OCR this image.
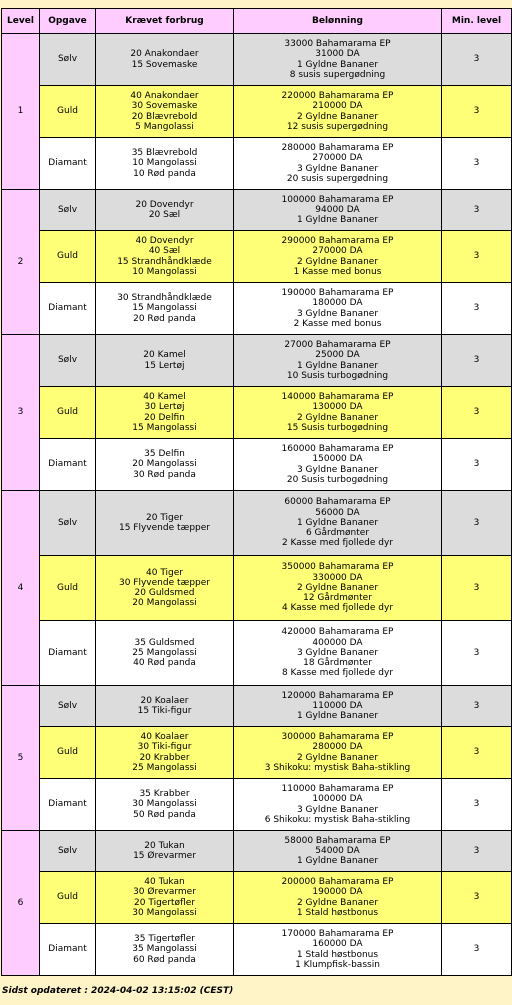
Level	Opgave	Krævet forbrug	Belønning	Min. level
1	Sølv	20 Anakondaer
15 Sovemaske	33000 Bahamarama EP
31000 DA
1 Gyldne Bananer
8 susis supergødning	3
	Guld	40 Anakondaer
30 Sovemaske
20 Blævrebold
5 Mangolassi	220000 Bahamarama EP
210000 DA
2 Gyldne Bananer
12 susis supergødning	3
	Diamant	35 Blævrebold
10 Mangolassi
10 Rød panda	280000 Bahamarama EP
270000 DA
3 Gyldne Bananer
20 susis supergødning	3
2	Sølv	20 Dovendyr
20 Sæl	100000 Bahamarama EP
94000 DA
1 Gyldne Bananer	3
	Guld	40 Dovendyr
40 Sæl
15 Strandhåndklæde
10 Mangolassi	290000 Bahamarama EP
270000 DA
2 Gyldne Bananer
1 Kasse med bonus	3
	Diamant	30 Strandhåndklæde
15 Mangolassi
20 Rød panda	190000 Bahamarama EP
180000 DA
3 Gyldne Bananer
2 Kasse med bonus	3
3	Sølv	20 Kamel
15 Lertøj	27000 Bahamarama EP
25000 DA
1 Gyldne Bananer
10 Susis turbogødning	3
	Guld	40 Kamel
30 Lertøj
20 Delfin
15 Mangolassi	140000 Bahamarama EP
130000 DA
2 Gyldne Bananer
15 Susis turbogødning	3
	Diamant	35 Delfin
20 Mangolassi
30 Rød panda	160000 Bahamarama EP
150000 DA
3 Gyldne Bananer
20 Susis turbogødning	3
4	Sølv	20 Tiger
15 Flyvende tæpper	60000 Bahamarama EP
56000 DA
1 Gyldne Bananer
6 Gårdmønter
2 Kasse med fjollede dyr	3
	Guld	40 Tiger
30 Flyvende tæpper
20 Guldsmed
20 Mangolassi	350000 Bahamarama EP
330000 DA
2 Gyldne Bananer
12 Gårdmønter
4 Kasse med fjollede dyr	3
	Diamant	35 Guldsmed
25 Mangolassi
40 Rød panda	420000 Bahamarama EP
400000 DA
3 Gyldne Bananer
18 Gårdmønter
8 Kasse med fjollede dyr	3
5	Sølv	20 Koalaer
15 Tiki-figur	120000 Bahamarama EP
110000 DA
1 Gyldne Bananer	3
	Guld	40 Koalaer
30 Tiki-figur
20 Krabber
25 Mangolassi	300000 Bahamarama EP
280000 DA
2 Gyldne Bananer
3 Shikoku: mystisk Baha-stikling	3
	Diamant	35 Krabber
30 Mangolassi
50 Rød panda	110000 Bahamarama EP
100000 DA
3 Gyldne Bananer
6 Shikoku: mystisk Baha-stikling	3
6	Sølv	20 Tukan
15 Ørevarmer	58000 Bahamarama EP
54000 DA
1 Gyldne Bananer	3
	Guld	40 Tukan
30 Ørevarmer
20 Tigertøfler
30 Mangolassi	200000 Bahamarama EP
190000 DA
2 Gyldne Bananer
1 Stald høstbonus	3
	Diamant	35 Tigertøfler
35 Mangolassi
60 Rød panda	170000 Bahamarama EP
160000 DA
1 Stald høstbonus
1 Klumpfisk-bassin	3
Sidst opdateret : 2024-04-02 13:15:02 (CEST)
